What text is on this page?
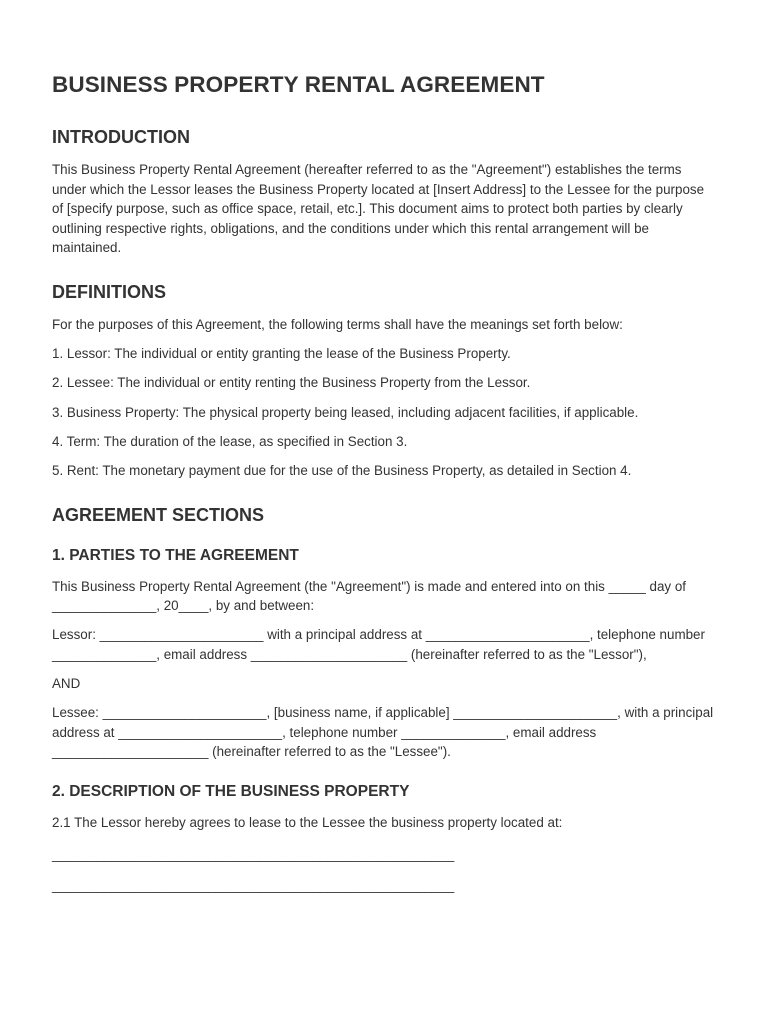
BUSINESS PROPERTY RENTAL AGREEMENT
INTRODUCTION

This Business Property Rental Agreement (hereafter referred to as the "Agreement") establishes the terms under which the Lessor leases the Business Property located at [Insert Address] to the Lessee for the purpose of [specify purpose, such as office space, retail, etc.]. This document aims to protect both parties by clearly outlining respective rights, obligations, and the conditions under which this rental arrangement will be maintained.

DEFINITIONS

For the purposes of this Agreement, the following terms shall have the meanings set forth below:

1. Lessor: The individual or entity granting the lease of the Business Property.

2. Lessee: The individual or entity renting the Business Property from the Lessor.

3. Business Property: The physical property being leased, including adjacent facilities, if applicable.

4. Term: The duration of the lease, as specified in Section 3.

5. Rent: The monetary payment due for the use of the Business Property, as detailed in Section 4.

AGREEMENT SECTIONS
1. PARTIES TO THE AGREEMENT

This Business Property Rental Agreement (the "Agreement") is made and entered into on this _____ day of ______________, 20____, by and between:

Lessor: ______________________ with a principal address at ______________________, telephone number ______________, email address _____________________ (hereinafter referred to as the "Lessor"),

AND

Lessee: ______________________, [business name, if applicable] ______________________, with a principal address at ______________________, telephone number ______________, email address _____________________ (hereinafter referred to as the "Lessee").

2. DESCRIPTION OF THE BUSINESS PROPERTY

2.1 The Lessor hereby agrees to lease to the Lessee the business property located at:

______________________________________________________

______________________________________________________
